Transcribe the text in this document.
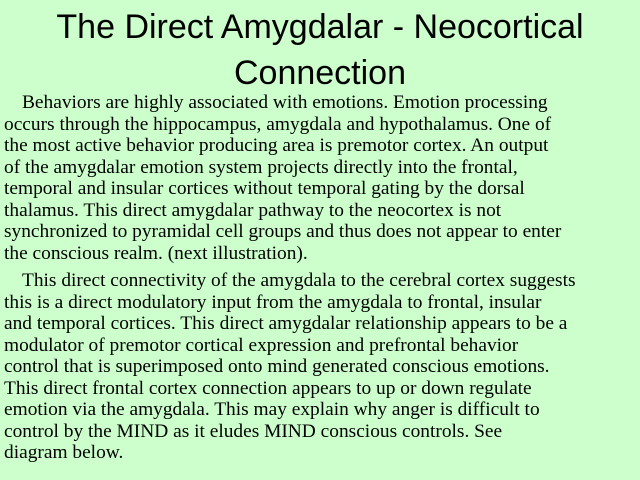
The Direct Amygdalar - Neocortical
Connection

Behaviors are highly associated with emotions. Emotion processing
occurs through the hippocampus, amygdala and hypothalamus. One of
the most active behavior producing area is premotor cortex. An output
of the amygdalar emotion system projects directly into the frontal,
temporal and insular cortices without temporal gating by the dorsal
thalamus. This direct amygdalar pathway to the neocortex is not
synchronized to pyramidal cell groups and thus does not appear to enter
the conscious realm. (next illustration).

This direct connectivity of the amygdala to the cerebral cortex suggests
this is a direct modulatory input from the amygdala to frontal, insular
and temporal cortices. This direct amygdalar relationship appears to be a
modulator of premotor cortical expression and prefrontal behavior
control that is superimposed onto mind generated conscious emotions.
This direct frontal cortex connection appears to up or down regulate
emotion via the amygdala. This may explain why anger is difficult to
control by the MIND as it eludes MIND conscious controls. See
diagram below.
